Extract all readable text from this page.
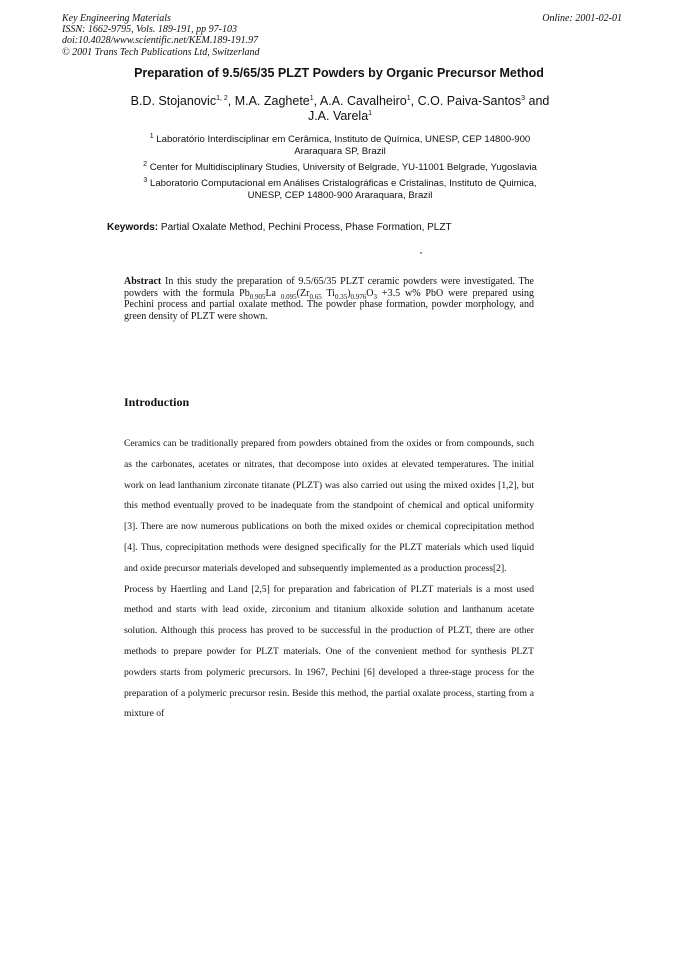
Key Engineering Materials
ISSN: 1662-9795, Vols. 189-191, pp 97-103
doi:10.4028/www.scientific.net/KEM.189-191.97
© 2001 Trans Tech Publications Ltd, Switzerland
Online: 2001-02-01
Preparation of 9.5/65/35 PLZT Powders by Organic Precursor Method
B.D. Stojanovic$^{1, 2}$, M.A. Zaghete$^1$, A.A. Cavalheiro$^1$, C.O. Paiva-Santos$^3$ and
J.A. Varela$^1$
$^1$ Laboratório Interdisciplinar em Cerâmica, Instituto de Química, UNESP, CEP 14800-900
Araraquara SP, Brazil
$^2$ Center for Multidisciplinary Studies, University of Belgrade, YU-11001 Belgrade, Yugoslavia
$^3$ Laboratorio Computacional em Análises Cristalográficas e Cristalinas, Instituto de Quimica,
UNESP, CEP 14800-900 Araraquara, Brazil
Keywords: Partial Oxalate Method, Pechini Process, Phase Formation, PLZT
Abstract In this study the preparation of 9.5/65/35 PLZT ceramic powders were investigated. The powders with the formula $Pb_{0.905}La$ $_{0.095}(Zr_{0.65}$ $Ti_{0.35})_{0.976}O_3 +3.5$ w% PbO were prepared using Pechini process and partial oxalate method. The powder phase formation, powder morphology, and green density of PLZT were shown.
Introduction

Ceramics can be traditionally prepared from powders obtained from the oxides or from compounds, such as the carbonates, acetates or nitrates, that decompose into oxides at elevated temperatures. The initial work on lead lanthanium zirconate titanate (PLZT) was also carried out using the mixed oxides [1,2], but this method eventually proved to be inadequate from the standpoint of chemical and optical uniformity [3]. There are now numerous publications on both the mixed oxides or chemical coprecipitation method [4]. Thus, coprecipitation methods were designed specifically for the PLZT materials which used liquid and oxide precursor materials developed and subsequently implemented as a production process[2].

Process by Haertling and Land [2,5] for preparation and fabrication of PLZT materials is a most used method and starts with lead oxide, zirconium and titanium alkoxide solution and lanthanum acetate solution. Although this process has proved to be successful in the production of PLZT, there are other methods to prepare powder for PLZT materials. One of the convenient method for synthesis PLZT powders starts from polymeric precursors. In 1967, Pechini [6] developed a three-stage process for the preparation of a polymeric precursor resin. Beside this method, the partial oxalate process, starting from a mixture of
